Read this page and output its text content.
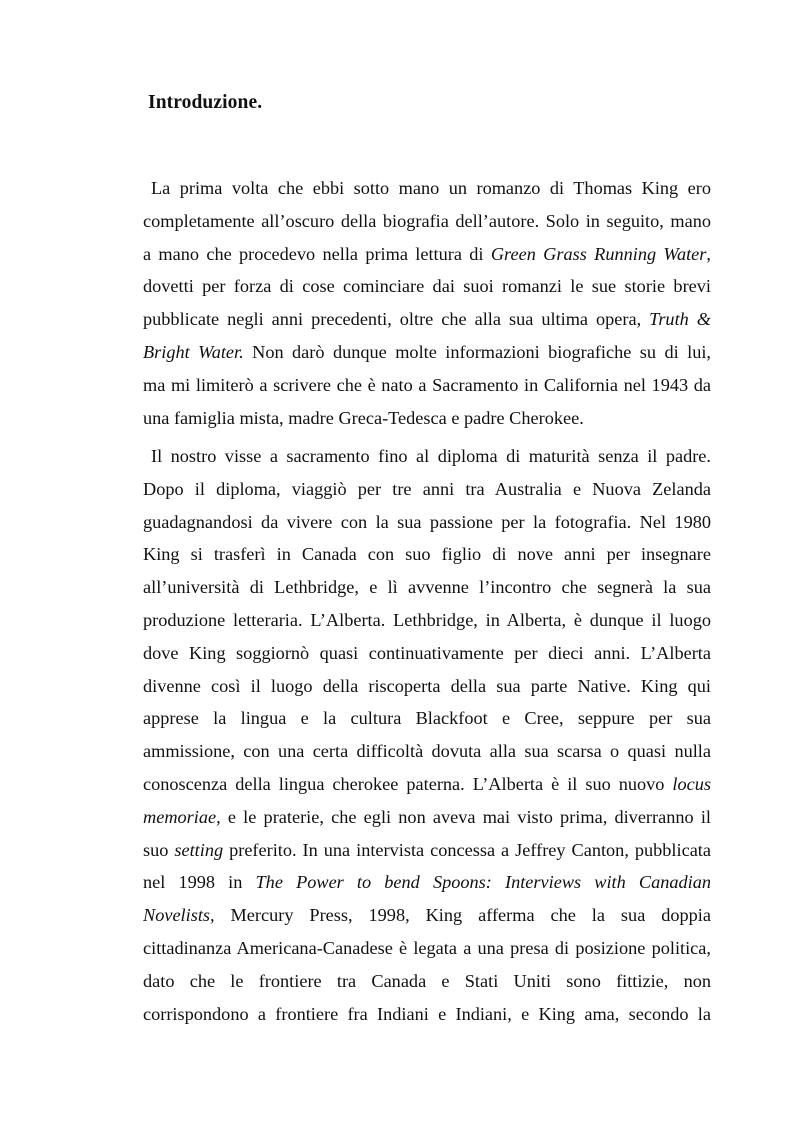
Introduzione.
La prima volta che ebbi sotto mano un romanzo di Thomas King ero
completamente all’oscuro della biografia dell’autore. Solo in seguito, mano
a mano che procedevo nella prima lettura di Green Grass Running Water,
dovetti per forza di cose cominciare dai suoi romanzi le sue storie brevi
pubblicate negli anni precedenti, oltre che alla sua ultima opera, Truth &
Bright Water. Non darò dunque molte informazioni biografiche su di lui,
ma mi limiterò a scrivere che è nato a Sacramento in California nel 1943 da
una famiglia mista, madre Greca-Tedesca e padre Cherokee.
Il nostro visse a sacramento fino al diploma di maturità senza il padre.
Dopo il diploma, viaggiò per tre anni tra Australia e Nuova Zelanda
guadagnandosi da vivere con la sua passione per la fotografia. Nel 1980
King si trasferì in Canada con suo figlio di nove anni per insegnare
all’università di Lethbridge, e lì avvenne l’incontro che segnerà la sua
produzione letteraria. L’Alberta. Lethbridge, in Alberta, è dunque il luogo
dove King soggiornò quasi continuativamente per dieci anni. L’Alberta
divenne così il luogo della riscoperta della sua parte Native. King qui
appresе la lingua e la cultura Blackfoot e Cree, seppure per sua
ammissione, con una certa difficoltà dovuta alla sua scarsa o quasi nulla
conoscenza della lingua cherokee paterna. L’Alberta è il suo nuovo locus
memoriae, e le praterie, che egli non aveva mai visto prima, diverranno il
suo setting preferito. In una intervista concessa a Jeffrey Canton, pubblicata
nel 1998 in The Power to bend Spoons: Interviews with Canadian
Novelists, Mercury Press, 1998, King afferma che la sua doppia
cittadinanza Americana-Canadese è legata a una presa di posizione politica,
dato che le frontiere tra Canada e Stati Uniti sono fittizie, non
corrispondono a frontiere fra Indiani e Indiani, e King ama, secondo la
